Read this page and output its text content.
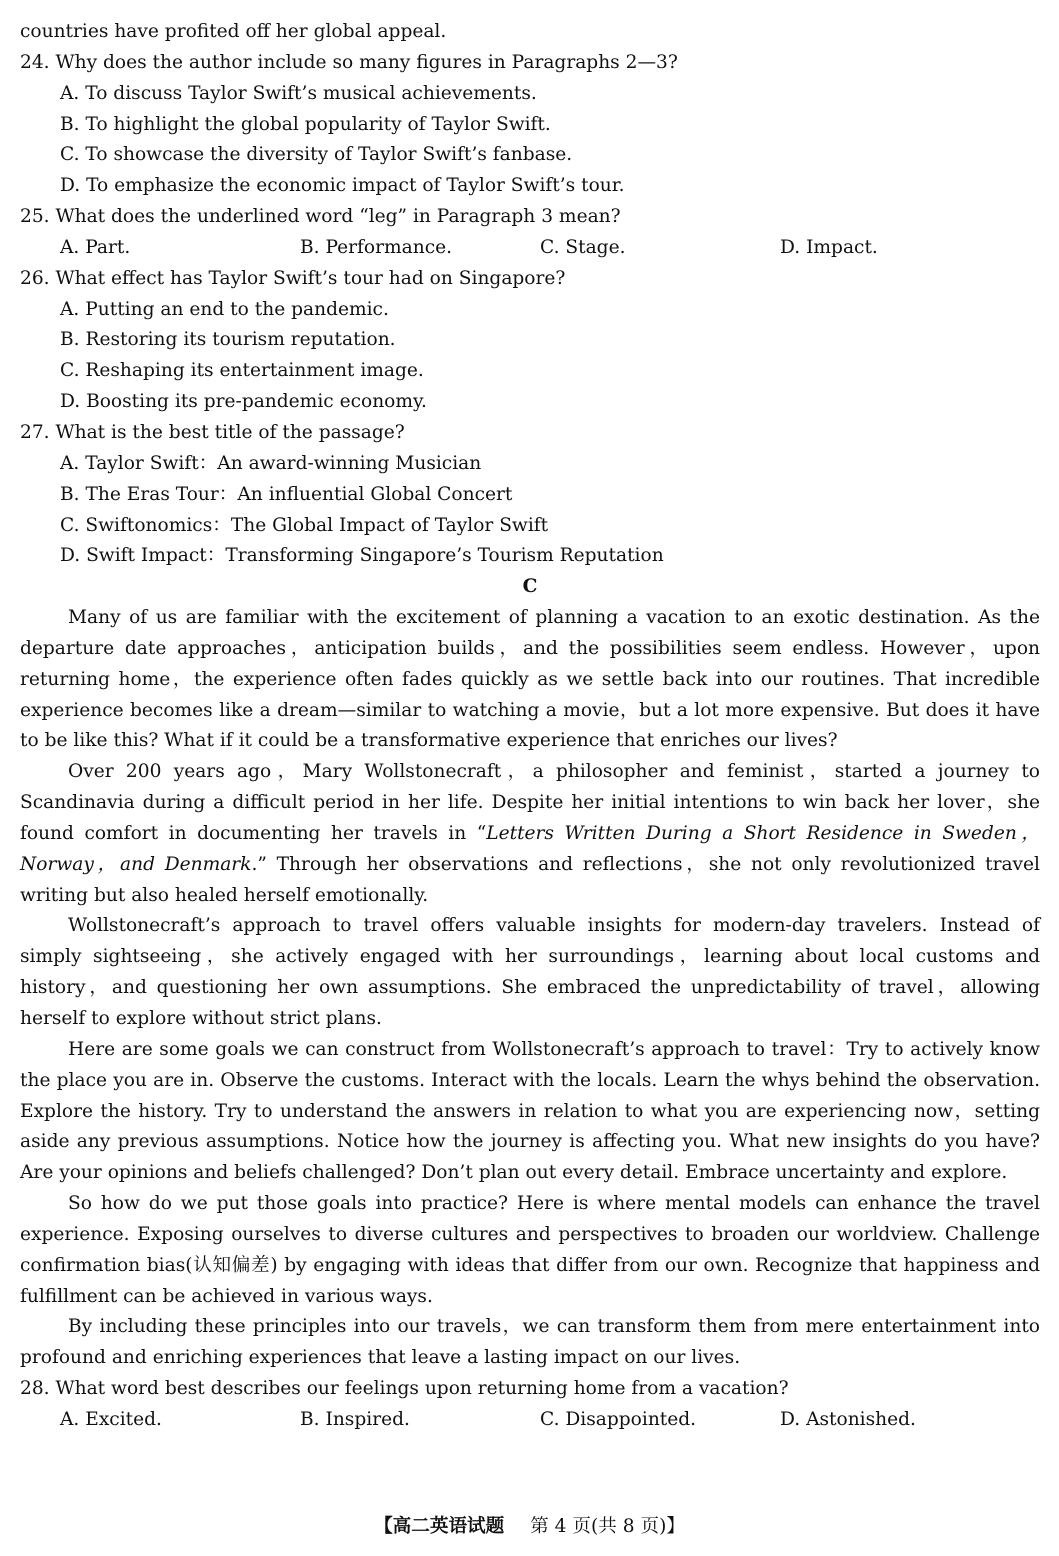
countries have profited off her global appeal.
24. Why does the author include so many figures in Paragraphs 2—3?
A. To discuss Taylor Swift’s musical achievements.
B. To highlight the global popularity of Taylor Swift.
C. To showcase the diversity of Taylor Swift’s fanbase.
D. To emphasize the economic impact of Taylor Swift’s tour.
25. What does the underlined word “leg” in Paragraph 3 mean?
A. Part.	B. Performance.	C. Stage.	D. Impact.
26. What effect has Taylor Swift’s tour had on Singapore?
A. Putting an end to the pandemic.
B. Restoring its tourism reputation.
C. Reshaping its entertainment image.
D. Boosting its pre-pandemic economy.
27. What is the best title of the passage?
A. Taylor Swift：An award-winning Musician
B. The Eras Tour：An influential Global Concert
C. Swiftonomics：The Global Impact of Taylor Swift
D. Swift Impact：Transforming Singapore’s Tourism Reputation
C

Many of us are familiar with the excitement of planning a vacation to an exotic destination. As the departure date approaches，anticipation builds，and the possibilities seem endless. However，upon returning home，the experience often fades quickly as we settle back into our routines. That incredible experience becomes like a dream—similar to watching a movie，but a lot more expensive. But does it have to be like this? What if it could be a transformative experience that enriches our lives?

Over 200 years ago，Mary Wollstonecraft，a philosopher and feminist，started a journey to Scandinavia during a difficult period in her life. Despite her initial intentions to win back her lover，she found comfort in documenting her travels in “Letters Written During a Short Residence in Sweden，Norway，and Denmark.” Through her observations and reflections，she not only revolutionized travel writing but also healed herself emotionally.

Wollstonecraft’s approach to travel offers valuable insights for modern-day travelers. Instead of simply sightseeing，she actively engaged with her surroundings，learning about local customs and history，and questioning her own assumptions. She embraced the unpredictability of travel，allowing herself to explore without strict plans.

Here are some goals we can construct from Wollstonecraft’s approach to travel：Try to actively know the place you are in. Observe the customs. Interact with the locals. Learn the whys behind the observation. Explore the history. Try to understand the answers in relation to what you are experiencing now，setting aside any previous assumptions. Notice how the journey is affecting you. What new insights do you have? Are your opinions and beliefs challenged? Don’t plan out every detail. Embrace uncertainty and explore.

So how do we put those goals into practice? Here is where mental models can enhance the travel experience. Exposing ourselves to diverse cultures and perspectives to broaden our worldview. Challenge confirmation bias(认知偏差) by engaging with ideas that differ from our own. Recognize that happiness and fulfillment can be achieved in various ways.

By including these principles into our travels，we can transform them from mere entertainment into profound and enriching experiences that leave a lasting impact on our lives.

28. What word best describes our feelings upon returning home from a vacation?
A. Excited.	B. Inspired.	C. Disappointed.	D. Astonished.
【高二英语试题 第 4 页(共 8 页)】
